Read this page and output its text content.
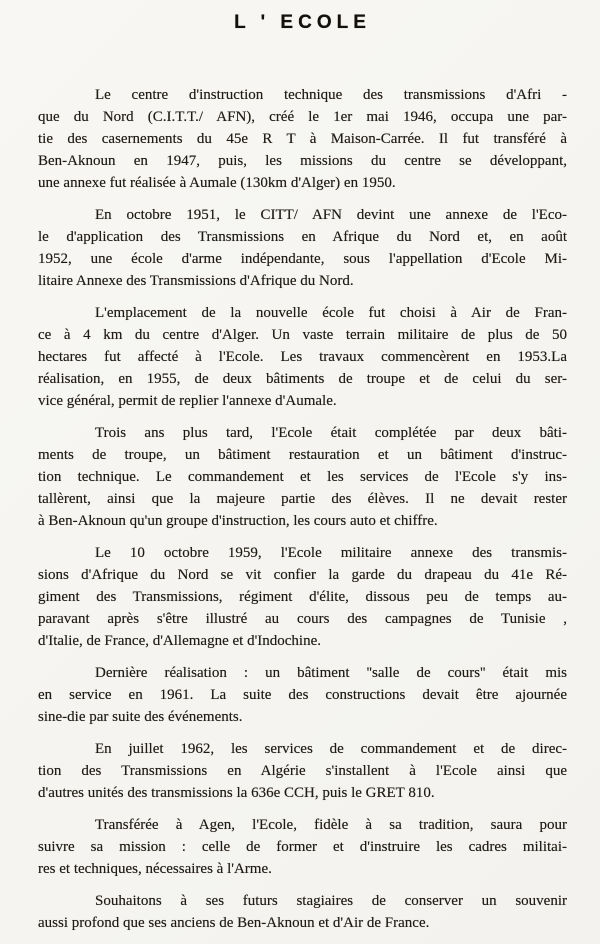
L ' ECOLE
Le centre d'instruction technique des transmissions d'Afri -
que du Nord (C.I.T.T./ AFN), créé le 1er mai 1946, occupa une par-
tie des casernements du 45e R T à Maison-Carrée. Il fut transféré à
Ben-Aknoun en 1947, puis, les missions du centre se développant,
une annexe fut réalisée à Aumale (130km d'Alger) en 1950.
En octobre 1951, le CITT/ AFN devint une annexe de l'Eco-
le d'application des Transmissions en Afrique du Nord et, en août
1952, une école d'arme indépendante, sous l'appellation d'Ecole Mi-
litaire Annexe des Transmissions d'Afrique du Nord.
L'emplacement de la nouvelle école fut choisi à Air de Fran-
ce à 4 km du centre d'Alger. Un vaste terrain militaire de plus de 50
hectares fut affecté à l'Ecole. Les travaux commencèrent en 1953.La
réalisation, en 1955, de deux bâtiments de troupe et de celui du ser-
vice général, permit de replier l'annexe d'Aumale.
Trois ans plus tard, l'Ecole était complétée par deux bâti-
ments de troupe, un bâtiment restauration et un bâtiment d'instruc-
tion technique. Le commandement et les services de l'Ecole s'y ins-
tallèrent, ainsi que la majeure partie des élèves. Il ne devait rester
à Ben-Aknoun qu'un groupe d'instruction, les cours auto et chiffre.
Le 10 octobre 1959, l'Ecole militaire annexe des transmis-
sions d'Afrique du Nord se vit confier la garde du drapeau du 41e Ré-
giment des Transmissions, régiment d'élite, dissous peu de temps au-
paravant après s'être illustré au cours des campagnes de Tunisie ,
d'Italie, de France, d'Allemagne et d'Indochine.
Dernière réalisation : un bâtiment ''salle de cours'' était mis
en service en 1961. La suite des constructions devait être ajournée
sine-die par suite des événements.
En juillet 1962, les services de commandement et de direc-
tion des Transmissions en Algérie s'installent à l'Ecole ainsi que
d'autres unités des transmissions la 636e CCH, puis le GRET 810.
Transférée à Agen, l'Ecole, fidèle à sa tradition, saura pour
suivre sa mission : celle de former et d'instruire les cadres militai-
res et techniques, nécessaires à l'Arme.
Souhaitons à ses futurs stagiaires de conserver un souvenir
aussi profond que ses anciens de Ben-Aknoun et d'Air de France.
